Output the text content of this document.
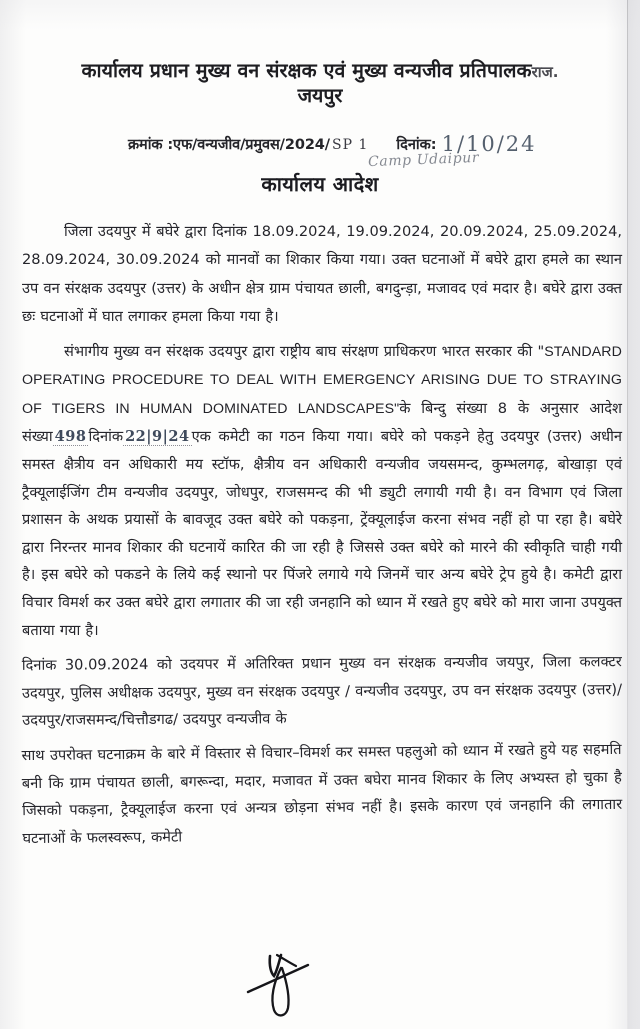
कार्यालय प्रधान मुख्य वन संरक्षक एवं मुख्य वन्यजीव प्रतिपालकराज.
जयपुर
क्रमांक :एफ/वन्यजीव/प्रमुवस/2024/ SP 1 दिनांक: 1/10/24
Camp Udaipur
कार्यालय आदेश

जिला उदयपुर में बघेरे द्वारा दिनांक 18.09.2024, 19.09.2024, 20.09.2024, 25.09.2024, 28.09.2024, 30.09.2024 को मानवों का शिकार किया गया। उक्त घटनाओं में बघेरे द्वारा हमले का स्थान उप वन संरक्षक उदयपुर (उत्तर) के अधीन क्षेत्र ग्राम पंचायत छाली, बगदुन्ड़ा, मजावद एवं मदार है। बघेरे द्वारा उक्त छः घटनाओं में घात लगाकर हमला किया गया है।

संभागीय मुख्य वन संरक्षक उदयपुर द्वारा राष्ट्रीय बाघ संरक्षण प्राधिकरण भारत सरकार की "STANDARD OPERATING PROCEDURE TO DEAL WITH EMERGENCY ARISING DUE TO STRAYING OF TIGERS IN HUMAN DOMINATED LANDSCAPES"के बिन्दु संख्या 8 के अनुसार आदेश संख्या 498 दिनांक 22|9|24 एक कमेटी का गठन किया गया। बघेरे को पकड़ने हेतु उदयपुर (उत्तर) अधीन समस्त क्षैत्रीय वन अधिकारी मय स्टॉफ, क्षैत्रीय वन अधिकारी वन्यजीव जयसमन्द, कुम्भलगढ़, बोखाड़ा एवं ट्रैक्यूलाईजिंग टीम वन्यजीव उदयपुर, जोधपुर, राजसमन्द की भी ड्युटी लगायी गयी है। वन विभाग एवं जिला प्रशासन के अथक प्रयासों के बावजूद उक्त बघेरे को पकड़ना, ट्रेंक्यूलाईज करना संभव नहीं हो पा रहा है। बघेरे द्वारा निरन्तर मानव शिकार की घटनायें कारित की जा रही है जिससे उक्त बघेरे को मारने की स्वीकृति चाही गयी है। इस बघेरे को पकडने के लिये कई स्थानो पर पिंजरे लगाये गये जिनमें चार अन्य बघेरे ट्रेप हुये है। कमेटी द्वारा विचार विमर्श कर उक्त बघेरे द्वारा लगातार की जा रही जनहानि को ध्यान में रखते हुए बघेरे को मारा जाना उपयुक्त बताया गया है।

दिनांक 30.09.2024 को उदयपर में अतिरिक्त प्रधान मुख्य वन संरक्षक वन्यजीव जयपुर, जिला कलक्टर उदयपुर, पुलिस अधीक्षक उदयपुर, मुख्य वन संरक्षक उदयपुर / वन्यजीव उदयपुर, उप वन संरक्षक उदयपुर (उत्तर)/उदयपुर/राजसमन्द/चित्तौडगढ/ उदयपुर वन्यजीव के

साथ उपरोक्त घटनाक्रम के बारे में विस्तार से विचार–विमर्श कर समस्त पहलुओ को ध्यान में रखते हुये यह सहमति बनी कि ग्राम पंचायत छाली, बगरून्दा, मदार, मजावत में उक्त बघेरा मानव शिकार के लिए अभ्यस्त हो चुका है जिसको पकड़ना, ट्रैक्यूलाईज करना एवं अन्यत्र छोड़ना संभव नहीं है। इसके कारण एवं जनहानि की लगातार घटनाओं के फलस्वरूप, कमेटी
